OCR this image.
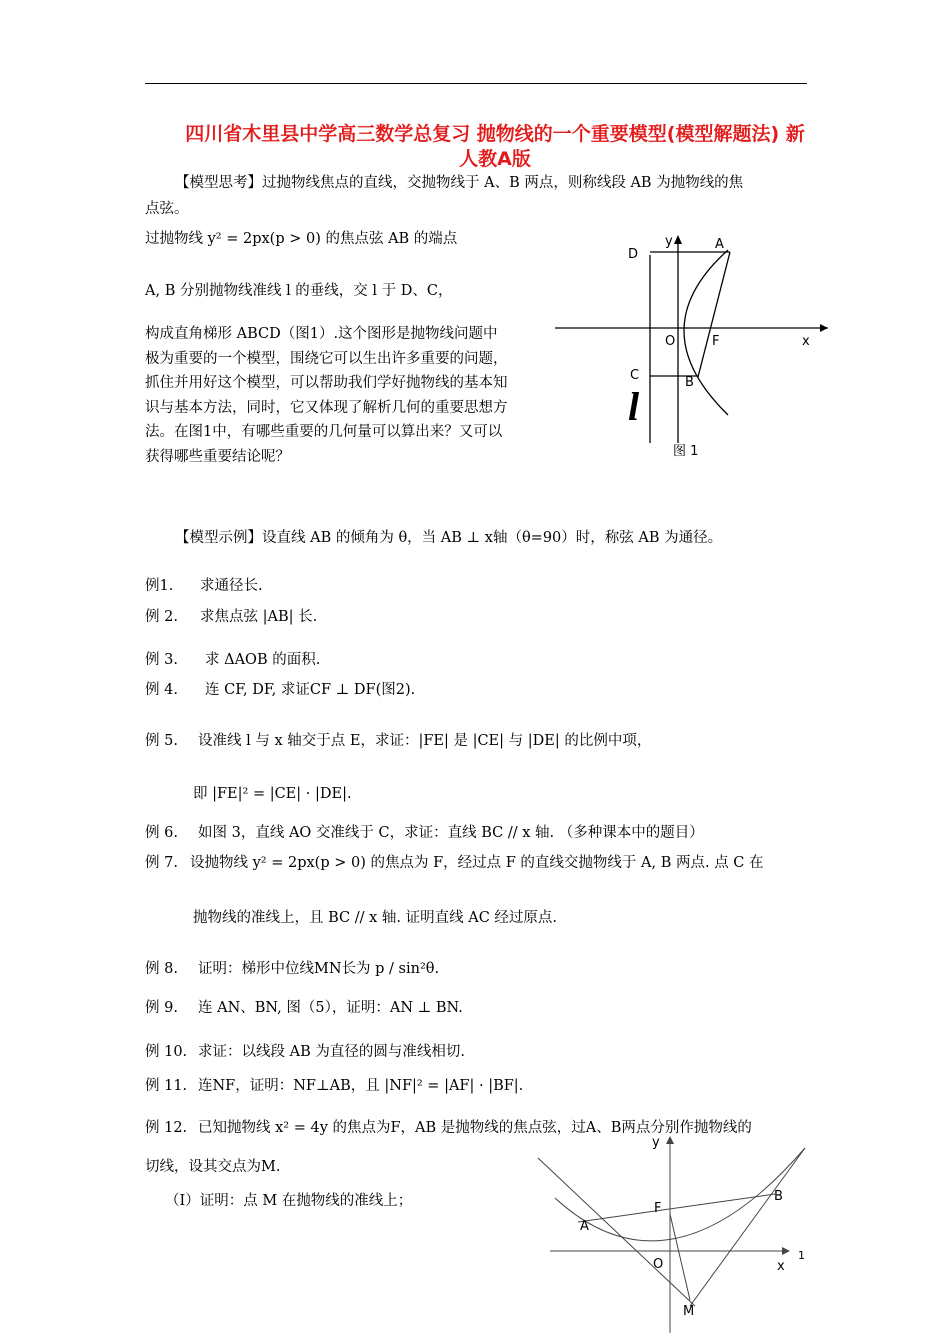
四川省木里县中学高三数学总复习 抛物线的一个重要模型(模型解题法) 新人教A版
【模型思考】过抛物线焦点的直线，交抛物线于 A、B 两点，则称线段 AB 为抛物线的焦
点弦。
过抛物线 y² = 2px(p > 0) 的焦点弦 AB 的端点
A, B 分别抛物线准线 l 的垂线，交 l 于 D、C，
构成直角梯形 ABCD（图1）.这个图形是抛物线问题中极为重要的一个模型，围绕它可以生出许多重要的问题，抓住并用好这个模型，可以帮助我们学好抛物线的基本知识与基本方法，同时，它又体现了解析几何的重要思想方法。在图1中，有哪些重要的几何量可以算出来？又可以获得哪些重要结论呢？
y	A
D
O	F	x
C	B
l
图 1
【模型示例】设直线 AB 的倾角为 θ，当 AB ⊥ x轴（θ=90）时，称弦 AB 为通径。
例1. 求通径长.
例 2. 求焦点弦 |AB| 长.
例 3. 求 ΔAOB 的面积.
例 4. 连 CF, DF, 求证CF ⊥ DF(图2).
例 5. 设准线 l 与 x 轴交于点 E，求证：|FE| 是 |CE| 与 |DE| 的比例中项，
即 |FE|² = |CE| · |DE|.
例 6. 如图 3，直线 AO 交准线于 C，求证：直线 BC // x 轴. （多种课本中的题目）
例 7. 设抛物线 y² = 2px(p > 0) 的焦点为 F，经过点 F 的直线交抛物线于 A, B 两点. 点 C 在
抛物线的准线上，且 BC // x 轴. 证明直线 AC 经过原点.
例 8. 证明：梯形中位线MN长为 p / sin²θ.
例 9. 连 AN、BN, 图（5），证明：AN ⊥ BN.
例 10. 求证：以线段 AB 为直径的圆与准线相切.
例 11. 连NF，证明：NF⊥AB，且 |NF|² = |AF| · |BF|.
例 12. 已知抛物线 x² = 4y 的焦点为F，AB 是抛物线的焦点弦，过A、B两点分别作抛物线的
切线，设其交点为M.
（I）证明：点 M 在抛物线的准线上；
y
F
B
A
O	x
M
1
